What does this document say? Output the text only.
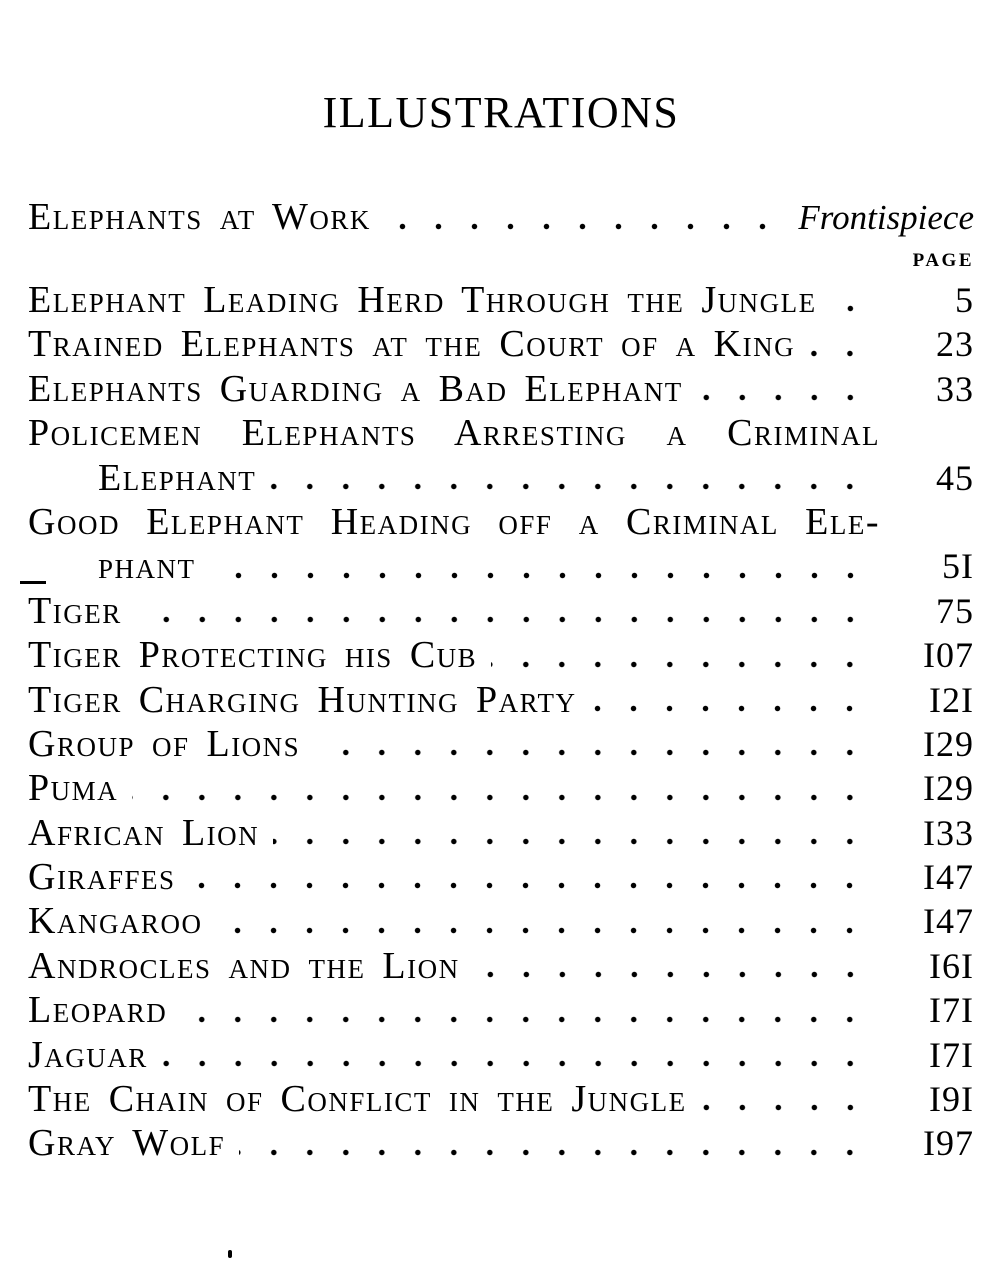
ILLUSTRATIONS
Elephants at Work	Frontispiece
PAGE
Elephant Leading Herd Through the Jungle	5
Trained Elephants at the Court of a King	23
Elephants Guarding a Bad Elephant	33
Policemen Elephants Arresting a Criminal
Elephant	45
Good Elephant Heading off a Criminal Ele-
phant	5I
Tiger	75
Tiger Protecting his Cub	I07
Tiger Charging Hunting Party	I2I
Group of Lions	I29
Puma	I29
African Lion	I33
Giraffes	I47
Kangaroo	I47
Androcles and the Lion	I6I
Leopard	I7I
Jaguar	I7I
The Chain of Conflict in the Jungle	I9I
Gray Wolf	I97
